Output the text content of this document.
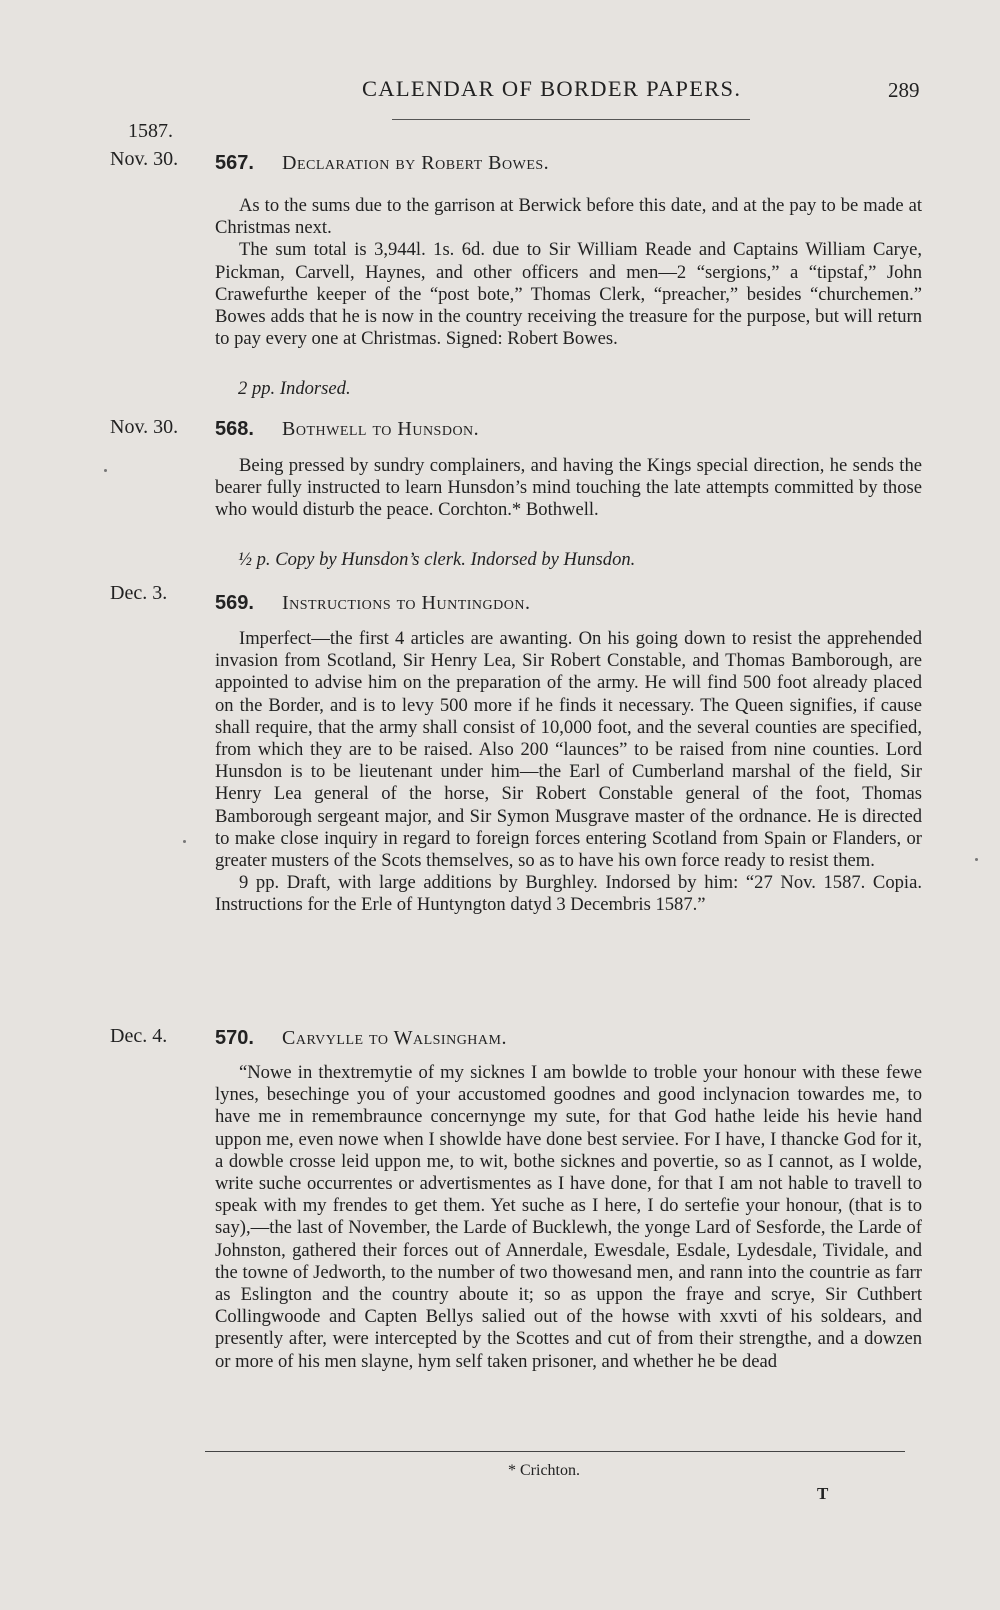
CALENDAR OF BORDER PAPERS.	289
1587.
Nov. 30. 567. Declaration by Robert Bowes.

As to the sums due to the garrison at Berwick before this date, and at the pay to be made at Christmas next.

The sum total is 3,944l. 1s. 6d. due to Sir William Reade and Captains William Carye, Pickman, Carvell, Haynes, and other officers and men—2 “sergions,” a “tipstaf,” John Crawefurthe keeper of the “post bote,” Thomas Clerk, “preacher,” besides “churchemen.” Bowes adds that he is now in the country receiving the treasure for the purpose, but will return to pay every one at Christmas. Signed: Robert Bowes.

2 pp. Indorsed.
Nov. 30. 568. Bothwell to Hunsdon.

Being pressed by sundry complainers, and having the Kings special direction, he sends the bearer fully instructed to learn Hunsdon’s mind touching the late attempts committed by those who would disturb the peace. Corchton.* Bothwell.

½ p. Copy by Hunsdon’s clerk. Indorsed by Hunsdon.
Dec. 3. 569. Instructions to Huntingdon.

Imperfect—the first 4 articles are awanting. On his going down to resist the apprehended invasion from Scotland, Sir Henry Lea, Sir Robert Constable, and Thomas Bamborough, are appointed to advise him on the preparation of the army. He will find 500 foot already placed on the Border, and is to levy 500 more if he finds it necessary. The Queen signifies, if cause shall require, that the army shall consist of 10,000 foot, and the several counties are specified, from which they are to be raised. Also 200 “launces” to be raised from nine counties. Lord Hunsdon is to be lieutenant under him—the Earl of Cumberland marshal of the field, Sir Henry Lea general of the horse, Sir Robert Constable general of the foot, Thomas Bamborough sergeant major, and Sir Symon Musgrave master of the ordnance. He is directed to make close inquiry in regard to foreign forces entering Scotland from Spain or Flanders, or greater musters of the Scots themselves, so as to have his own force ready to resist them.

9 pp. Draft, with large additions by Burghley. Indorsed by him: “27 Nov. 1587. Copia. Instructions for the Erle of Huntyngton datyd 3 Decembris 1587.”

Dec. 4. 570. Carvylle to Walsingham.

“Nowe in thextremytie of my sicknes I am bowlde to troble your honour with these fewe lynes, besechinge you of your accustomed goodnes and good inclynacion towardes me, to have me in remembraunce concernynge my sute, for that God hathe leide his hevie hand uppon me, even nowe when I showlde have done best serviee. For I have, I thancke God for it, a dowble crosse leid uppon me, to wit, bothe sicknes and povertie, so as I cannot, as I wolde, write suche occurrentes or advertismentes as I have done, for that I am not hable to travell to speak with my frendes to get them. Yet suche as I here, I do sertefie your honour, (that is to say),—the last of November, the Larde of Bucklewh, the yonge Lard of Sesforde, the Larde of Johnston, gathered their forces out of Annerdale, Ewesdale, Esdale, Lydesdale, Tividale, and the towne of Jedworth, to the number of two thowesand men, and rann into the countrie as farr as Eslington and the country aboute it; so as uppon the fraye and scrye, Sir Cuthbert Collingwoode and Capten Bellys salied out of the howse with xxvti of his soldears, and presently after, were intercepted by the Scottes and cut of from their strengthe, and a dowzen or more of his men slayne, hym self taken prisoner, and whether he be dead

* Crichton.
T
